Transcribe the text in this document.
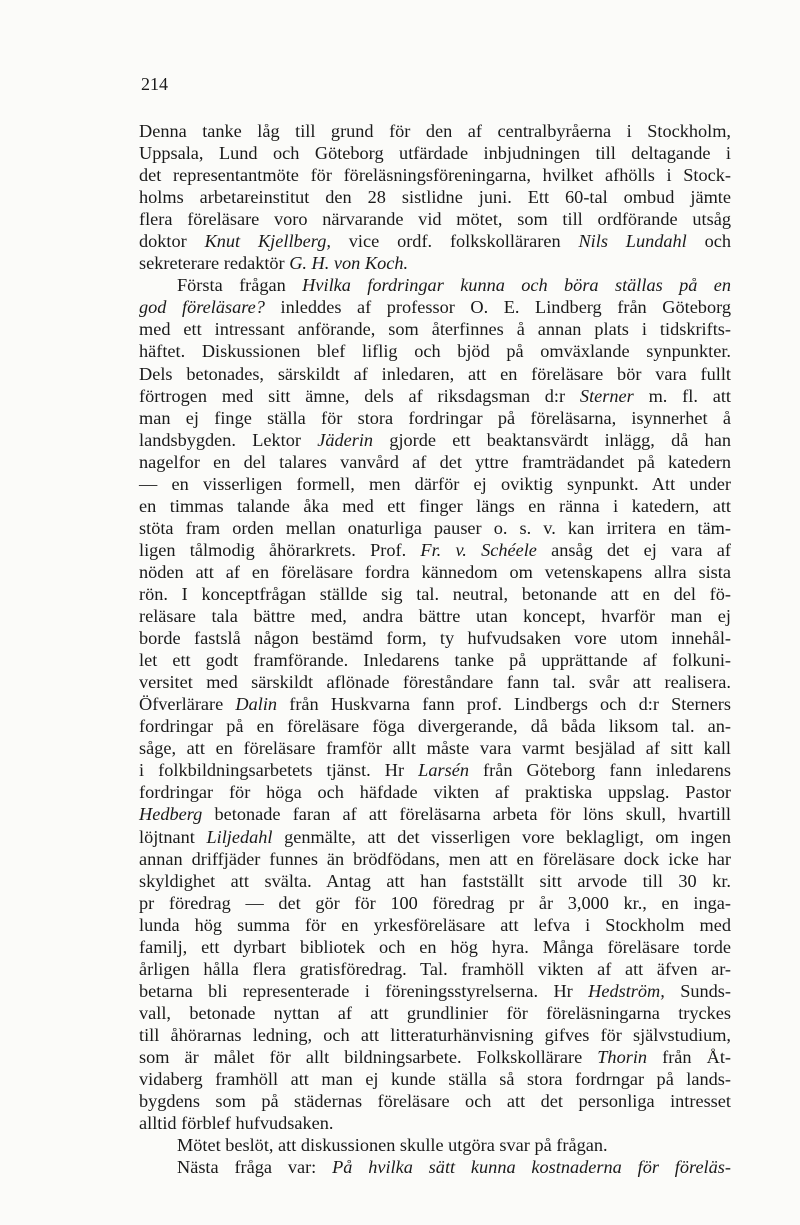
214
Denna tanke låg till grund för den af centralbyråerna i Stockholm,
Uppsala, Lund och Göteborg utfärdade inbjudningen till deltagande i
det representantmöte för föreläsningsföreningarna, hvilket afhölls i Stock-
holms arbetareinstitut den 28 sistlidne juni. Ett 60-tal ombud jämte
flera föreläsare voro närvarande vid mötet, som till ordförande utsåg
doktor Knut Kjellberg, vice ordf. folkskolläraren Nils Lundahl och
sekreterare redaktör G. H. von Koch.
Första frågan Hvilka fordringar kunna och böra ställas på en
god föreläsare? inleddes af professor O. E. Lindberg från Göteborg
med ett intressant anförande, som återfinnes å annan plats i tidskrifts-
häftet. Diskussionen blef liflig och bjöd på omväxlande synpunkter.
Dels betonades, särskildt af inledaren, att en föreläsare bör vara fullt
förtrogen med sitt ämne, dels af riksdagsman d:r Sterner m. fl. att
man ej finge ställa för stora fordringar på föreläsarna, isynnerhet å
landsbygden. Lektor Jäderin gjorde ett beaktansvärdt inlägg, då han
nagelfor en del talares vanvård af det yttre framträdandet på katedern
— en visserligen formell, men därför ej oviktig synpunkt. Att under
en timmas talande åka med ett finger längs en ränna i katedern, att
stöta fram orden mellan onaturliga pauser o. s. v. kan irritera en täm-
ligen tålmodig åhörarkrets. Prof. Fr. v. Schéele ansåg det ej vara af
nöden att af en föreläsare fordra kännedom om vetenskapens allra sista
rön. I konceptfrågan ställde sig tal. neutral, betonande att en del fö-
reläsare tala bättre med, andra bättre utan koncept, hvarför man ej
borde fastslå någon bestämd form, ty hufvudsaken vore utom innehål-
let ett godt framförande. Inledarens tanke på upprättande af folkuni-
versitet med särskildt aflönade föreståndare fann tal. svår att realisera.
Öfverlärare Dalin från Huskvarna fann prof. Lindbergs och d:r Sterners
fordringar på en föreläsare föga divergerande, då båda liksom tal. an-
såge, att en föreläsare framför allt måste vara varmt besjälad af sitt kall
i folkbildningsarbetets tjänst. Hr Larsén från Göteborg fann inledarens
fordringar för höga och häfdade vikten af praktiska uppslag. Pastor
Hedberg betonade faran af att föreläsarna arbeta för löns skull, hvartill
löjtnant Liljedahl genmälte, att det visserligen vore beklagligt, om ingen
annan driffjäder funnes än brödfödans, men att en föreläsare dock icke har
skyldighet att svälta. Antag att han fastställt sitt arvode till 30 kr.
pr föredrag — det gör för 100 föredrag pr år 3,000 kr., en inga-
lunda hög summa för en yrkesföreläsare att lefva i Stockholm med
familj, ett dyrbart bibliotek och en hög hyra. Många föreläsare torde
årligen hålla flera gratisföredrag. Tal. framhöll vikten af att äfven ar-
betarna bli representerade i föreningsstyrelserna. Hr Hedström, Sunds-
vall, betonade nyttan af att grundlinier för föreläsningarna tryckes
till åhörarnas ledning, och att litteraturhänvisning gifves för självstudium,
som är målet för allt bildningsarbete. Folkskollärare Thorin från Åt-
vidaberg framhöll att man ej kunde ställa så stora fordrngar på lands-
bygdens som på städernas föreläsare och att det personliga intresset
alltid förblef hufvudsaken.
Mötet beslöt, att diskussionen skulle utgöra svar på frågan.
Nästa fråga var: På hvilka sätt kunna kostnaderna för föreläs-
